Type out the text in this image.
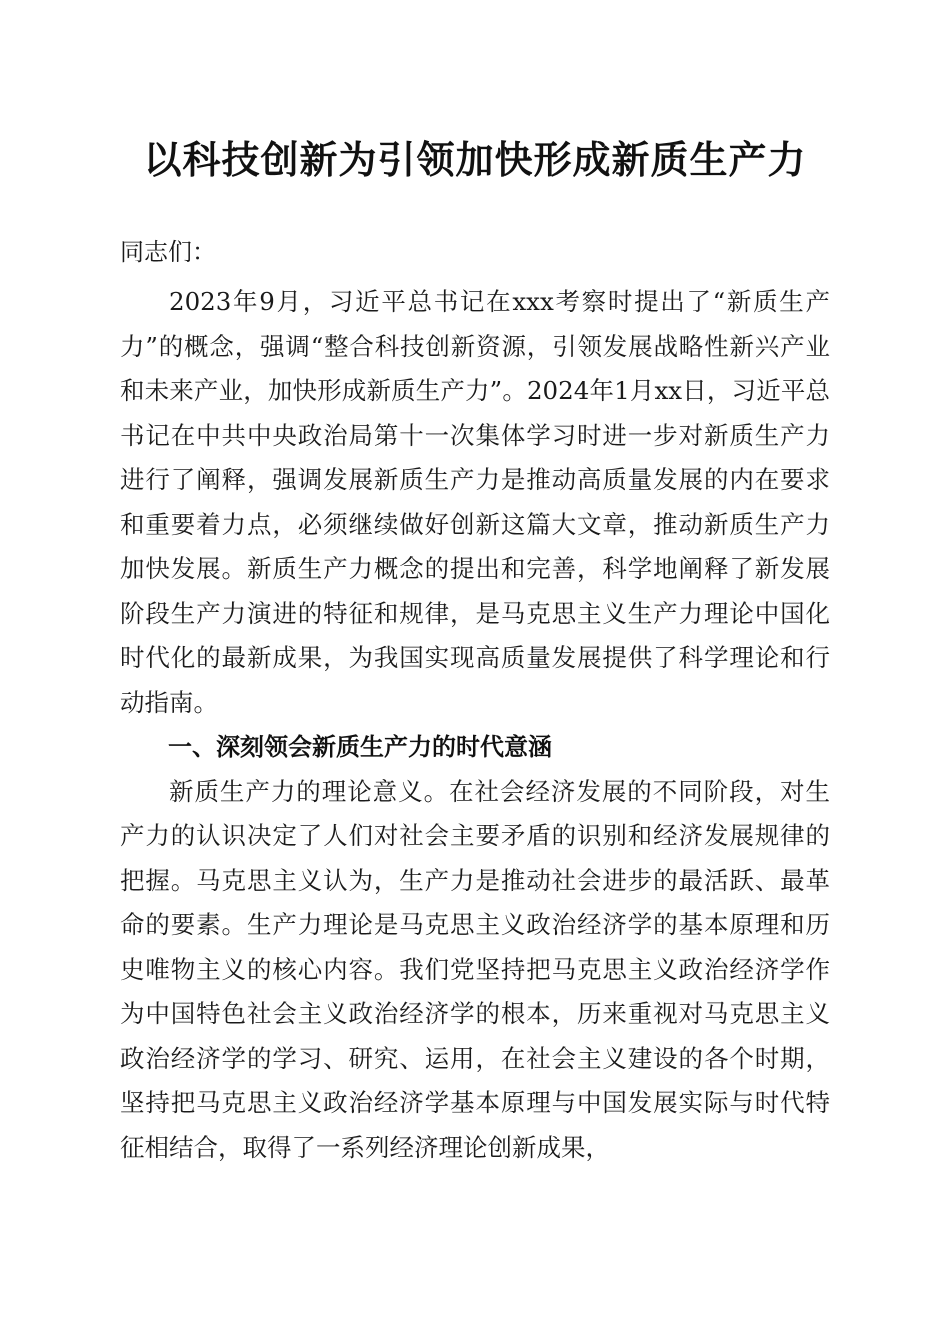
以科技创新为引领加快形成新质生产力
同志们：

2023年9月，习近平总书记在xxx考察时提出了“新质生产力”的概念，强调“整合科技创新资源，引领发展战略性新兴产业和未来产业，加快形成新质生产力”。2024年1月xx日，习近平总书记在中共中央政治局第十一次集体学习时进一步对新质生产力进行了阐释，强调发展新质生产力是推动高质量发展的内在要求和重要着力点，必须继续做好创新这篇大文章，推动新质生产力加快发展。新质生产力概念的提出和完善，科学地阐释了新发展阶段生产力演进的特征和规律，是马克思主义生产力理论中国化时代化的最新成果，为我国实现高质量发展提供了科学理论和行动指南。

一、深刻领会新质生产力的时代意涵

新质生产力的理论意义。在社会经济发展的不同阶段，对生产力的认识决定了人们对社会主要矛盾的识别和经济发展规律的把握。马克思主义认为，生产力是推动社会进步的最活跃、最革命的要素。生产力理论是马克思主义政治经济学的基本原理和历史唯物主义的核心内容。我们党坚持把马克思主义政治经济学作为中国特色社会主义政治经济学的根本，历来重视对马克思主义政治经济学的学习、研究、运用，在社会主义建设的各个时期，坚持把马克思主义政治经济学基本原理与中国发展实际与时代特征相结合，取得了一系列经济理论创新成果，
